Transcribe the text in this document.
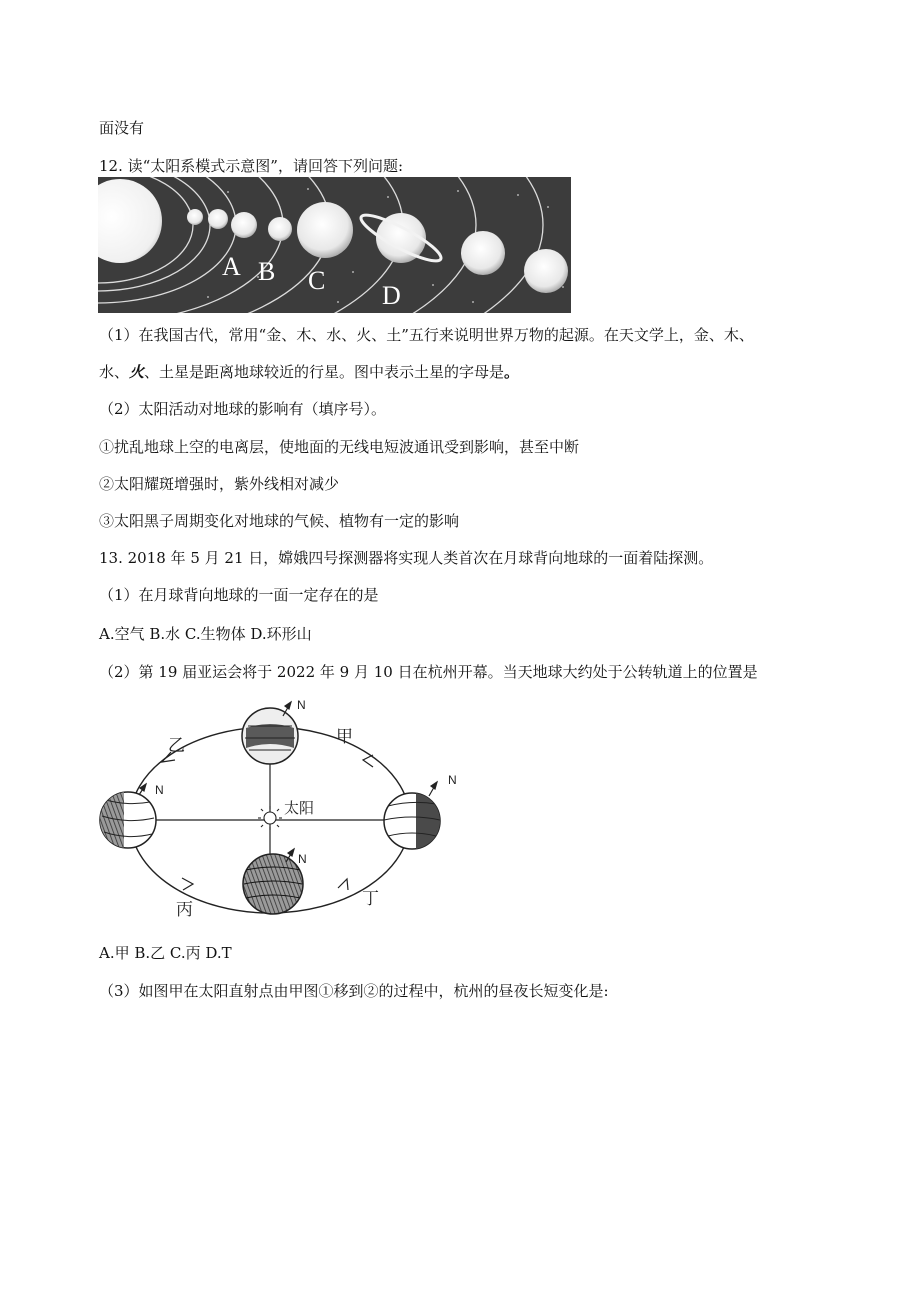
面没有
12. 读“太阳系模式示意图”，请回答下列问题:
A B C
D
（1）在我国古代，常用“金、木、水、火、土”五行来说明世界万物的起源。在天文学上，金、木、
水、火、土星是距离地球较近的行星。图中表示土星的字母是。
（2）太阳活动对地球的影响有（填序号）。
①扰乱地球上空的电离层，使地面的无线电短波通讯受到影响，甚至中断
②太阳耀斑增强时，紫外线相对减少
③太阳黑子周期变化对地球的气候、植物有一定的影响
13. 2018 年 5 月 21 日，嫦娥四号探测器将实现人类首次在月球背向地球的一面着陆探测。
（1）在月球背向地球的一面一定存在的是
A.空气 B.水 C.生物体 D.环形山
（2）第 19 届亚运会将于 2022 年 9 月 10 日在杭州开幕。当天地球大约处于公转轨道上的位置是
N
N
N
N
甲
乙
丙
丁
太阳
A.甲 B.乙 C.丙 D.T
（3）如图甲在太阳直射点由甲图①移到②的过程中，杭州的昼夜长短变化是:
